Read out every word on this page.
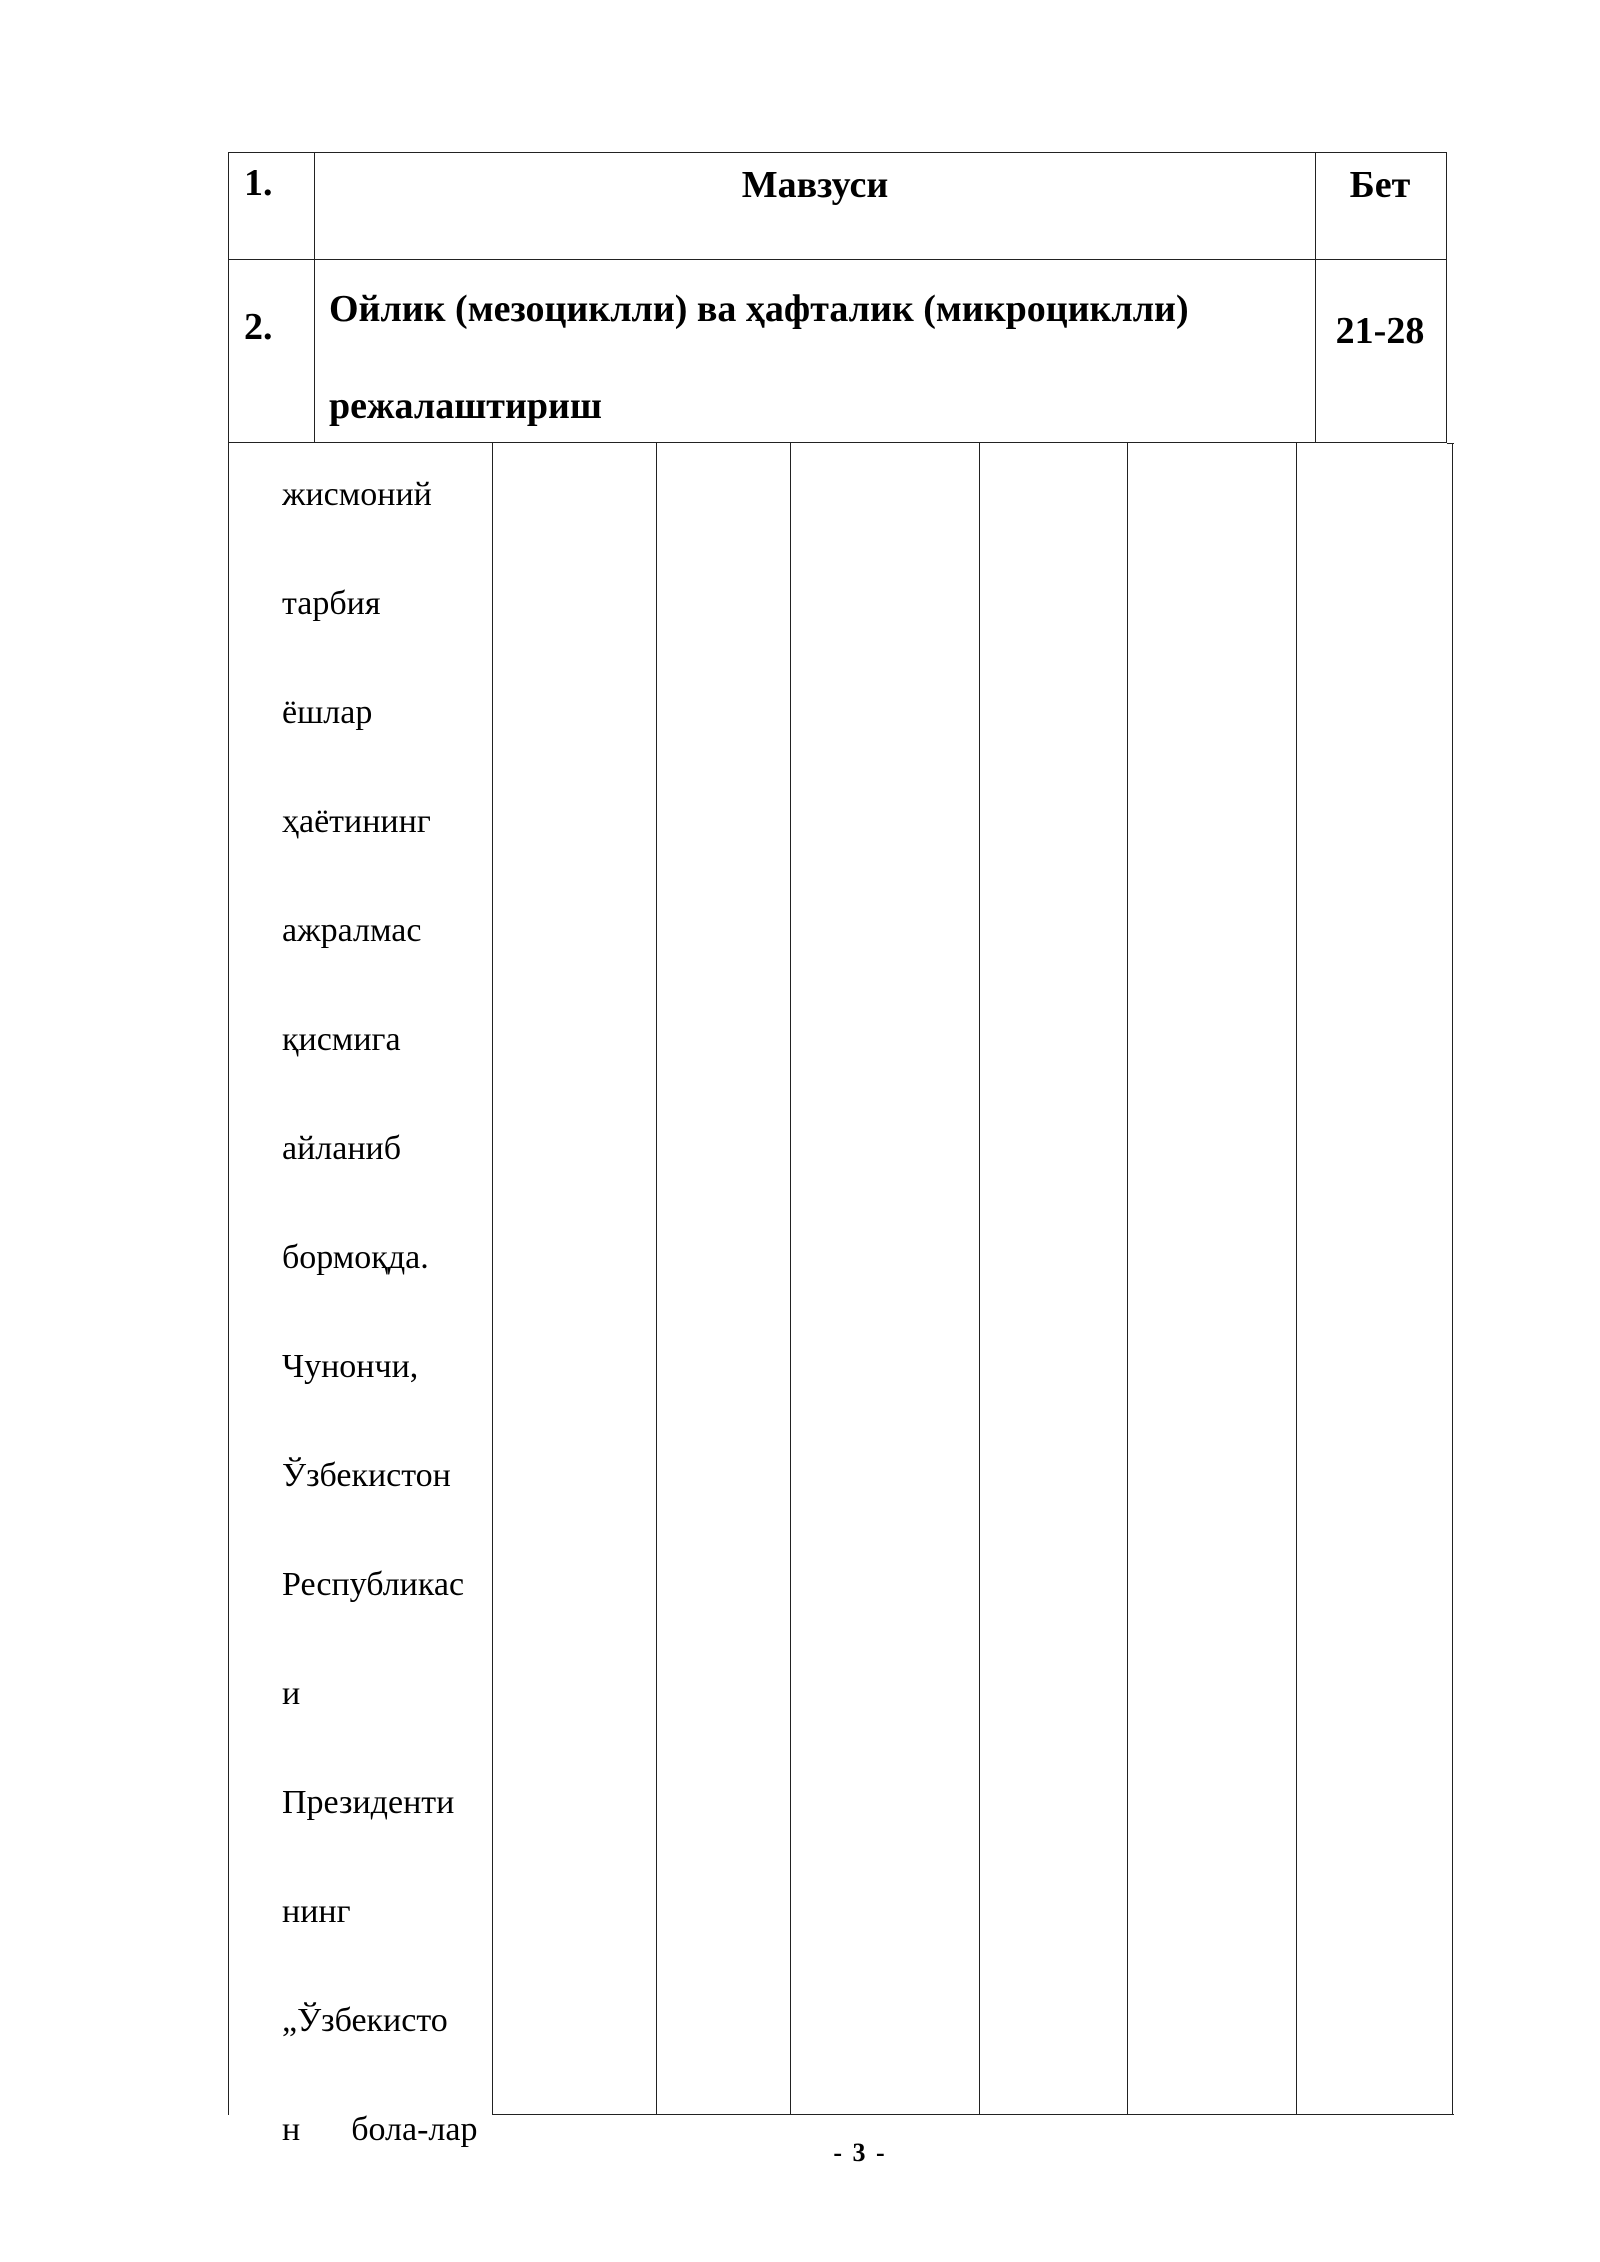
1.	Мавзуси	Бет
2. Ойлик (мезоциклли) ва ҳафталик (микроциклли) режалаштириш
21-28
жисмоний
тарбия
ёшлар
ҳаётининг
ажралмас
қисмига
айланиб
бормоқда.
Чунончи,
Ўзбекистон
Республикас
и
Президенти
нинг
„Ўзбекисто
н      бола-лар
- 3 -
